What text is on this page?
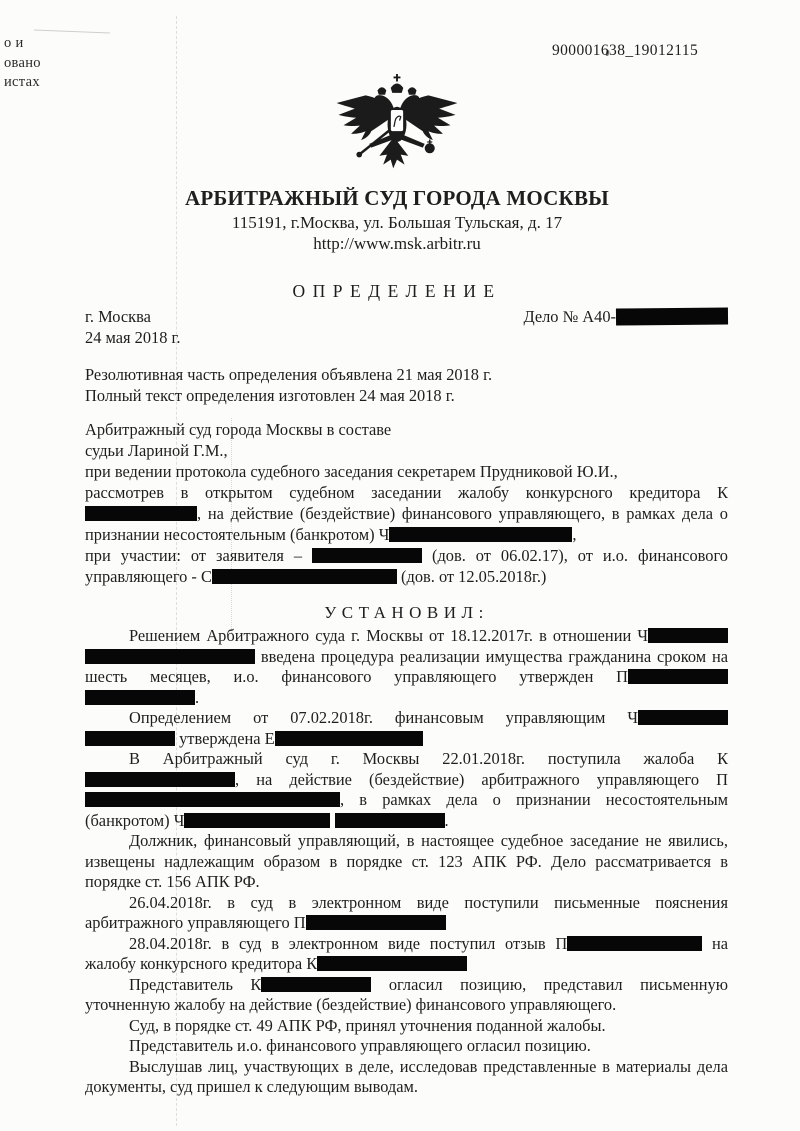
о и
овано
истах
900001638_19012115
АРБИТРАЖНЫЙ СУД ГОРОДА МОСКВЫ
115191, г.Москва, ул. Большая Тульская, д. 17
http://www.msk.arbitr.ru
ОПРЕДЕЛЕНИЕ
г. Москва	Дело № А40-

24 мая 2018 г.

Резолютивная часть определения объявлена 21 мая 2018 г.

Полный текст определения изготовлен 24 мая 2018 г.

Арбитражный суд города Москвы в составе

судьи Лариной Г.М.,

при ведении протокола судебного заседания секретарем Прудниковой Ю.И.,

рассмотрев в открытом судебном заседании жалобу конкурсного кредитора К, на действие (бездействие) финансового управляющего, в рамках дела о признании несостоятельным (банкротом) Ч	,

при участии: от заявителя –	(дов. от 06.02.17), от и.о. финансового управляющего - С	(дов. от 12.05.2018г.)

УСТАНОВИЛ:

Решением Арбитражного суда г. Москвы от 18.12.2017г. в отношении Ч  введена процедура реализации имущества гражданина сроком на шесть месяцев, и.о. финансового управляющего утвержден П .

Определением от 07.02.2018г. финансовым управляющим Ч  утверждена Е

В Арбитражный суд г. Москвы 22.01.2018г. поступила жалоба К, на действие (бездействие) арбитражного управляющего П, в рамках дела о признании несостоятельным (банкротом) Ч	.

Должник, финансовый управляющий, в настоящее судебное заседание не явились, извещены надлежащим образом в порядке ст. 123 АПК РФ. Дело рассматривается в порядке ст. 156 АПК РФ.

26.04.2018г. в суд в электронном виде поступили письменные пояснения арбитражного управляющего П

28.04.2018г. в суд в электронном виде поступил отзыв П	на жалобу конкурсного кредитора К

Представитель К	огласил позицию, представил письменную уточненную жалобу на действие (бездействие) финансового управляющего.

Суд, в порядке ст. 49 АПК РФ, принял уточнения поданной жалобы.

Представитель и.о. финансового управляющего огласил позицию.

Выслушав лиц, участвующих в деле, исследовав представленные в материалы дела документы, суд пришел к следующим выводам.
